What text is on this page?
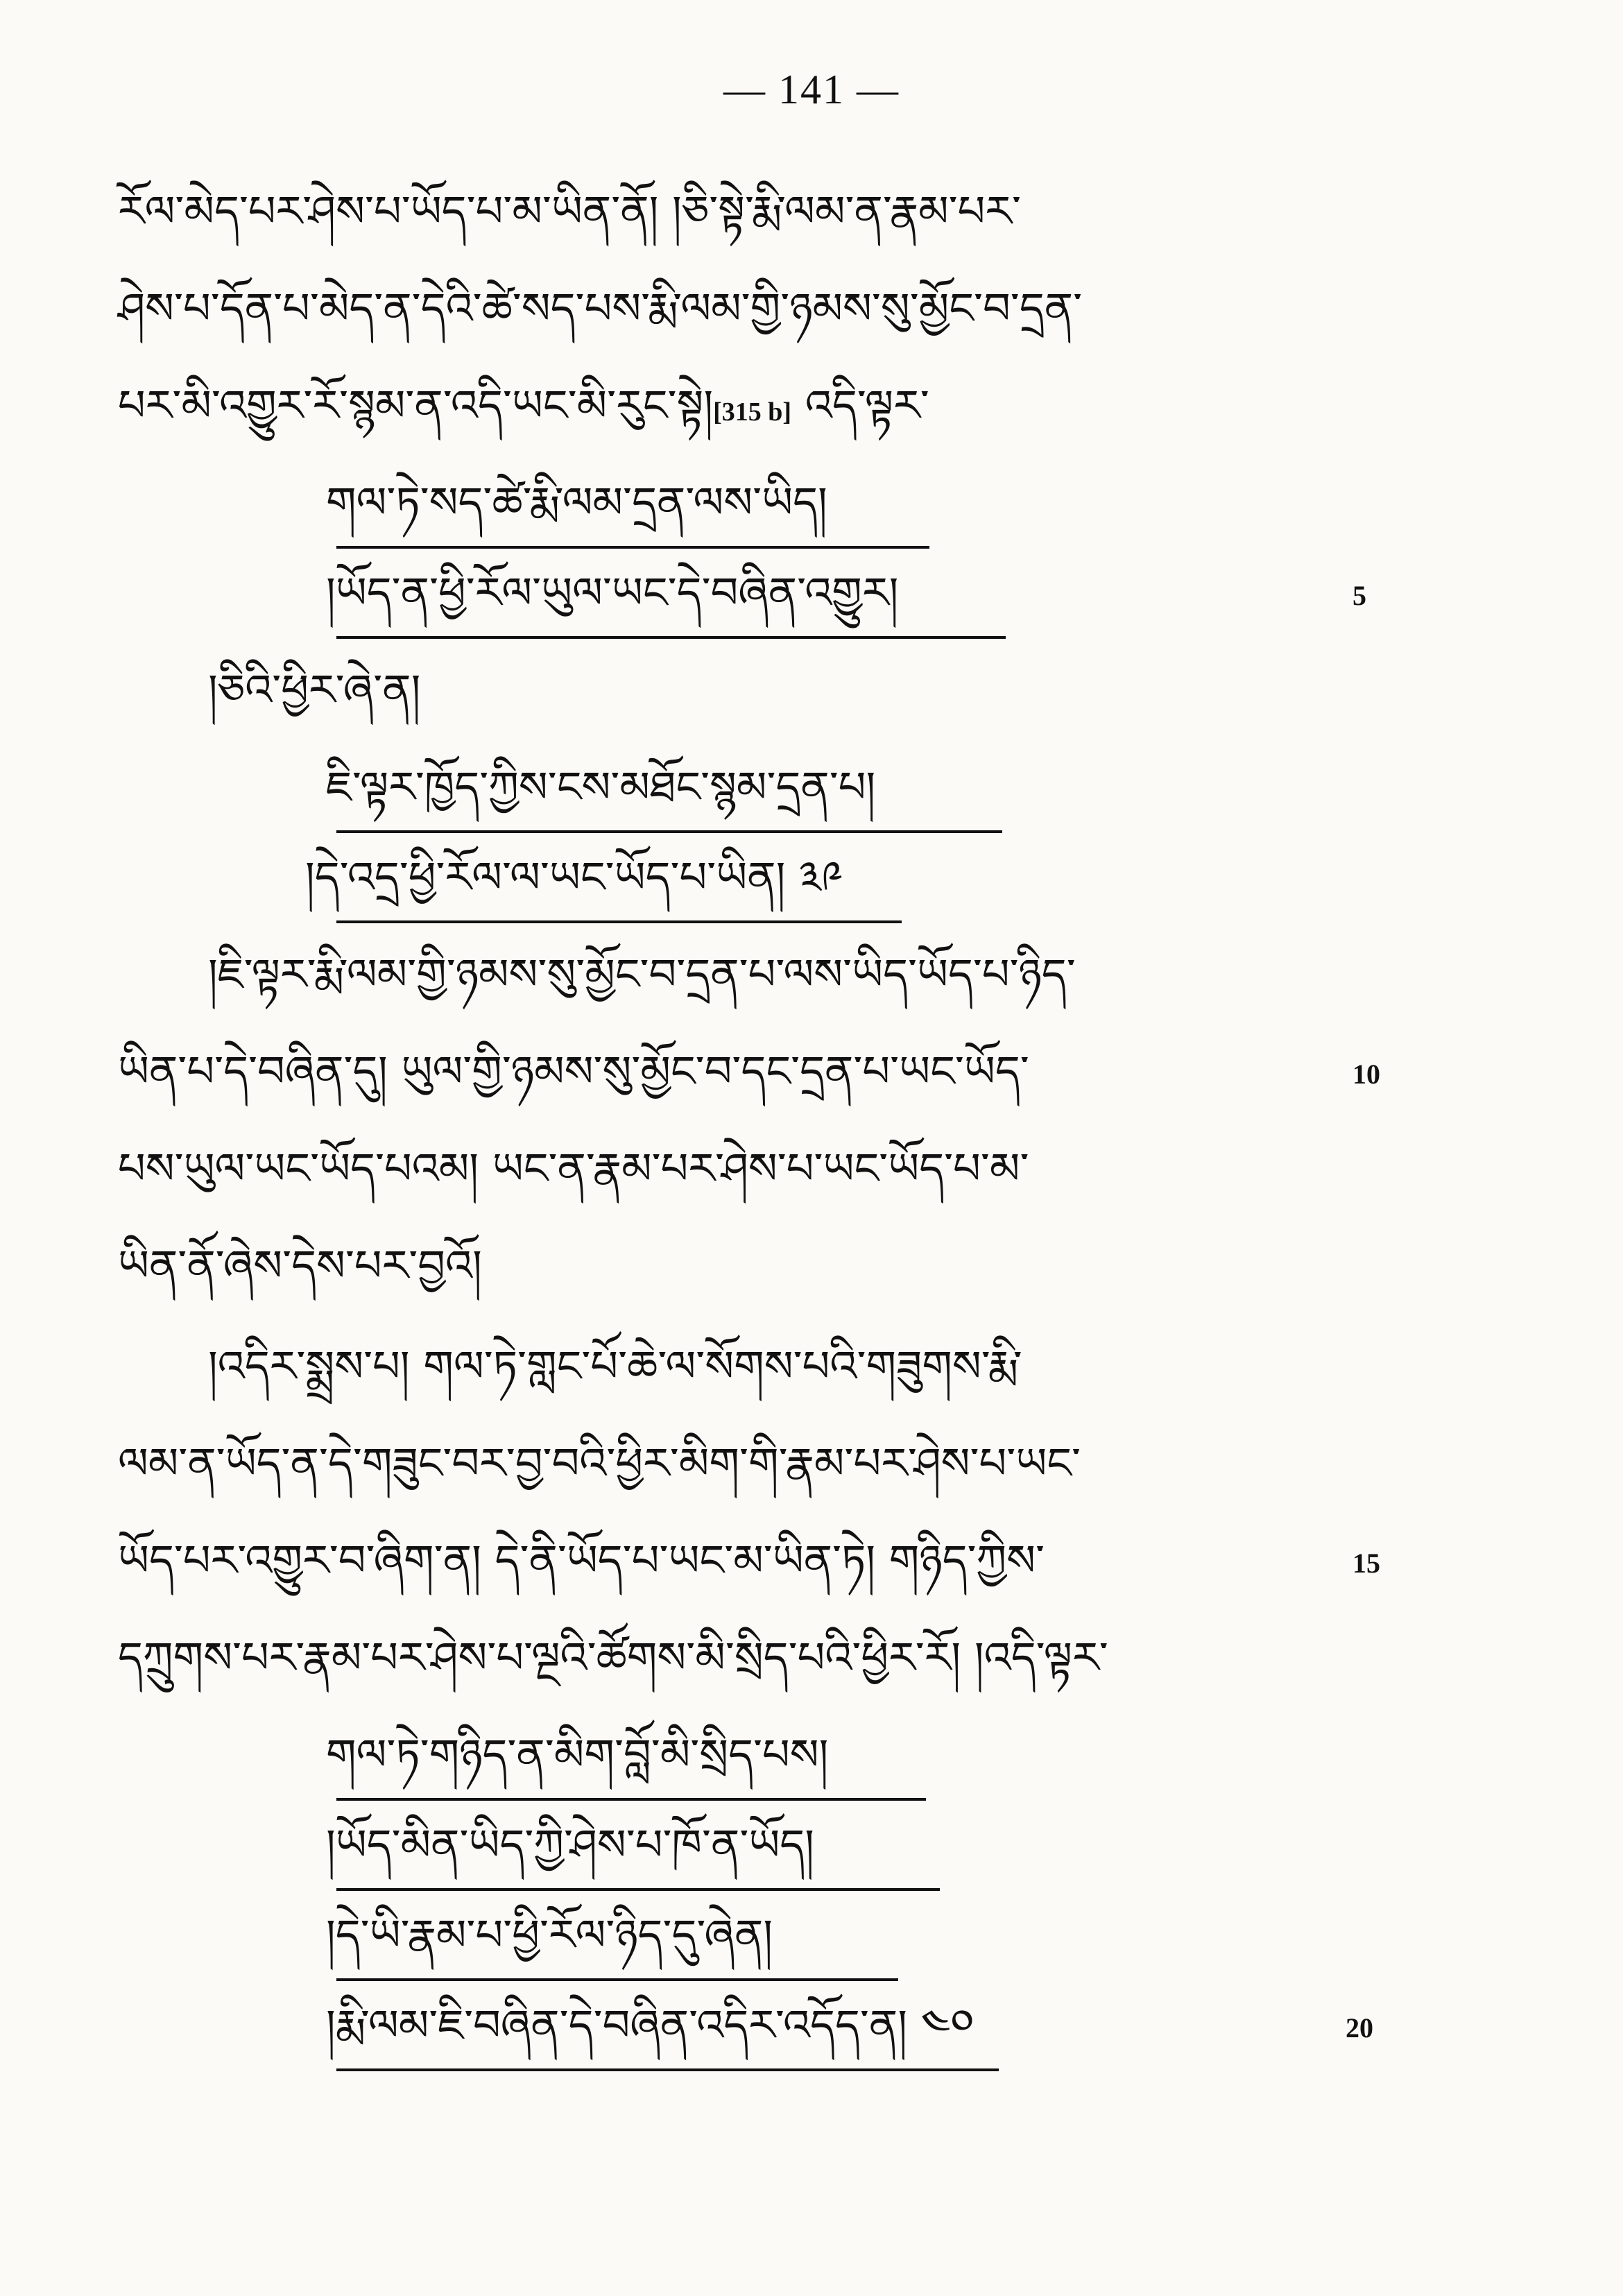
— 141 —
རོལ་མེད་པར་ཤེས་པ་ཡོད་པ་མ་ཡིན་ནོ། །ཅི་སྟེ་རྨི་ལམ་ན་རྣམ་པར་
ཤེས་པ་དོན་པ་མེད་ན་དེའི་ཚེ་སད་པས་རྨི་ལམ་གྱི་ཉམས་སུ་མྱོང་བ་དྲན་
པར་མི་འགྱུར་རོ་སྙམ་ན་འདི་ཡང་མི་རུང་སྟེ།[315 b] འདི་ལྟར་
གལ་ཏེ་སད་ཚེ་རྨི་ལམ་དྲན་ལས་ཡིད།
།ཡོད་ན་ཕྱི་རོལ་ཡུལ་ཡང་དེ་བཞིན་འགྱུར།	5
།ཅིའི་ཕྱིར་ཞེ་ན།
ཇི་ལྟར་ཁྱོད་ཀྱིས་ངས་མཐོང་སྙམ་དྲན་པ།
།དེ་འདྲ་ཕྱི་རོལ་ལ་ཡང་ཡོད་པ་ཡིན། ༣༩
།ཇི་ལྟར་རྨི་ལམ་གྱི་ཉམས་སུ་མྱོང་བ་དྲན་པ་ལས་ཡིད་ཡོད་པ་ཉིད་
ཡིན་པ་དེ་བཞིན་དུ། ཡུལ་གྱི་ཉམས་སུ་མྱོང་བ་དང་དྲན་པ་ཡང་ཡོད་	10
པས་ཡུལ་ཡང་ཡོད་པའམ། ཡང་ན་རྣམ་པར་ཤེས་པ་ཡང་ཡོད་པ་མ་
ཡིན་ནོ་ཞེས་དེས་པར་བྱའོ།
།འདིར་སྨྲས་པ། གལ་ཏེ་གླང་པོ་ཆེ་ལ་སོགས་པའི་གཟུགས་རྨི་
ལམ་ན་ཡོད་ན་དེ་གཟུང་བར་བྱ་བའི་ཕྱིར་མིག་གི་རྣམ་པར་ཤེས་པ་ཡང་
ཡོད་པར་འགྱུར་བ་ཞིག་ན། དེ་ནི་ཡོད་པ་ཡང་མ་ཡིན་ཏེ། གཉིད་ཀྱིས་	15
དཀྲུགས་པར་རྣམ་པར་ཤེས་པ་ལྔའི་ཚོགས་མི་སྲིད་པའི་ཕྱིར་རོ། །འདི་ལྟར་
གལ་ཏེ་གཉིད་ན་མིག་བློ་མི་སྲིད་པས།
།ཡོད་མིན་ཡིད་ཀྱི་ཤེས་པ་ཁོ་ན་ཡོད།
།དེ་ཡི་རྣམ་པ་ཕྱི་རོལ་ཉིད་དུ་ཞེན།
།རྨི་ལམ་ཇི་བཞིན་དེ་བཞིན་འདིར་འདོད་ན། ༤༠	20
